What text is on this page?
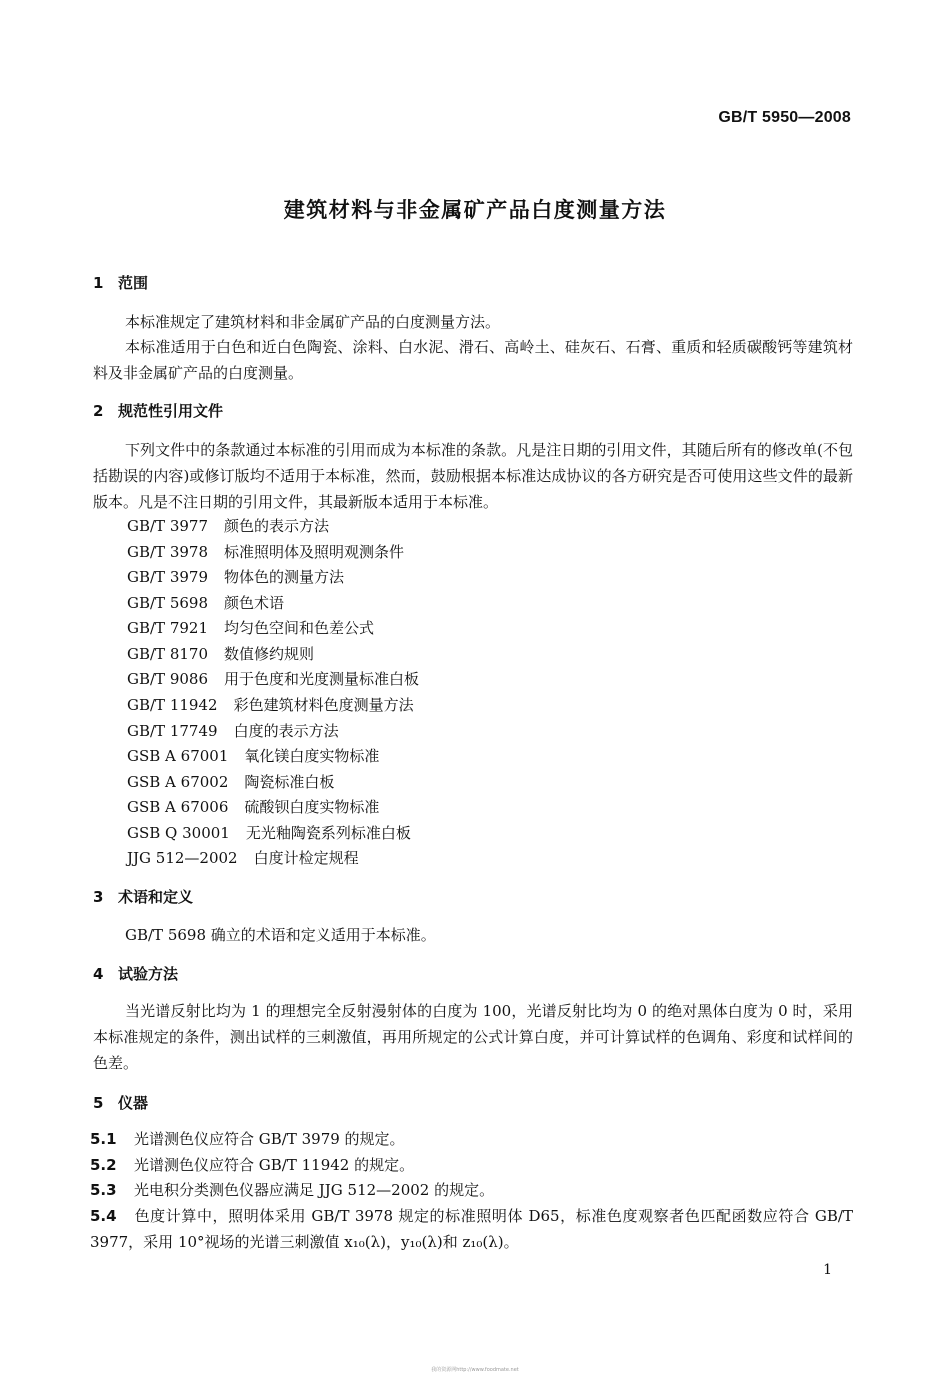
GB/T 5950—2008
建筑材料与非金属矿产品白度测量方法
1 范围
本标准规定了建筑材料和非金属矿产品的白度测量方法。
本标准适用于白色和近白色陶瓷、涂料、白水泥、滑石、高岭土、硅灰石、石膏、重质和轻质碳酸钙等建筑材料及非金属矿产品的白度测量。
2 规范性引用文件
下列文件中的条款通过本标准的引用而成为本标准的条款。凡是注日期的引用文件，其随后所有的修改单(不包括勘误的内容)或修订版均不适用于本标准，然而，鼓励根据本标准达成协议的各方研究是否可使用这些文件的最新版本。凡是不注日期的引用文件，其最新版本适用于本标准。
GB/T 3977 颜色的表示方法
GB/T 3978 标准照明体及照明观测条件
GB/T 3979 物体色的测量方法
GB/T 5698 颜色术语
GB/T 7921 均匀色空间和色差公式
GB/T 8170 数值修约规则
GB/T 9086 用于色度和光度测量标准白板
GB/T 11942 彩色建筑材料色度测量方法
GB/T 17749 白度的表示方法
GSB A 67001 氧化镁白度实物标准
GSB A 67002 陶瓷标准白板
GSB A 67006 硫酸钡白度实物标准
GSB Q 30001 无光釉陶瓷系列标准白板
JJG 512—2002 白度计检定规程
3 术语和定义
GB/T 5698 确立的术语和定义适用于本标准。
4 试验方法
当光谱反射比均为 1 的理想完全反射漫射体的白度为 100，光谱反射比均为 0 的绝对黑体白度为 0 时，采用本标准规定的条件，测出试样的三刺激值，再用所规定的公式计算白度，并可计算试样的色调角、彩度和试样间的色差。
5 仪器
5.1 光谱测色仪应符合 GB/T 3979 的规定。
5.2 光谱测色仪应符合 GB/T 11942 的规定。
5.3 光电积分类测色仪器应满足 JJG 512—2002 的规定。
5.4 色度计算中，照明体采用 GB/T 3978 规定的标准照明体 D65，标准色度观察者色匹配函数应符合 GB/T 3977，采用 10°视场的光谱三刺激值 x₁₀(λ)，y₁₀(λ)和 z₁₀(λ)。
1
我的资源网http://www.foodmate.net
